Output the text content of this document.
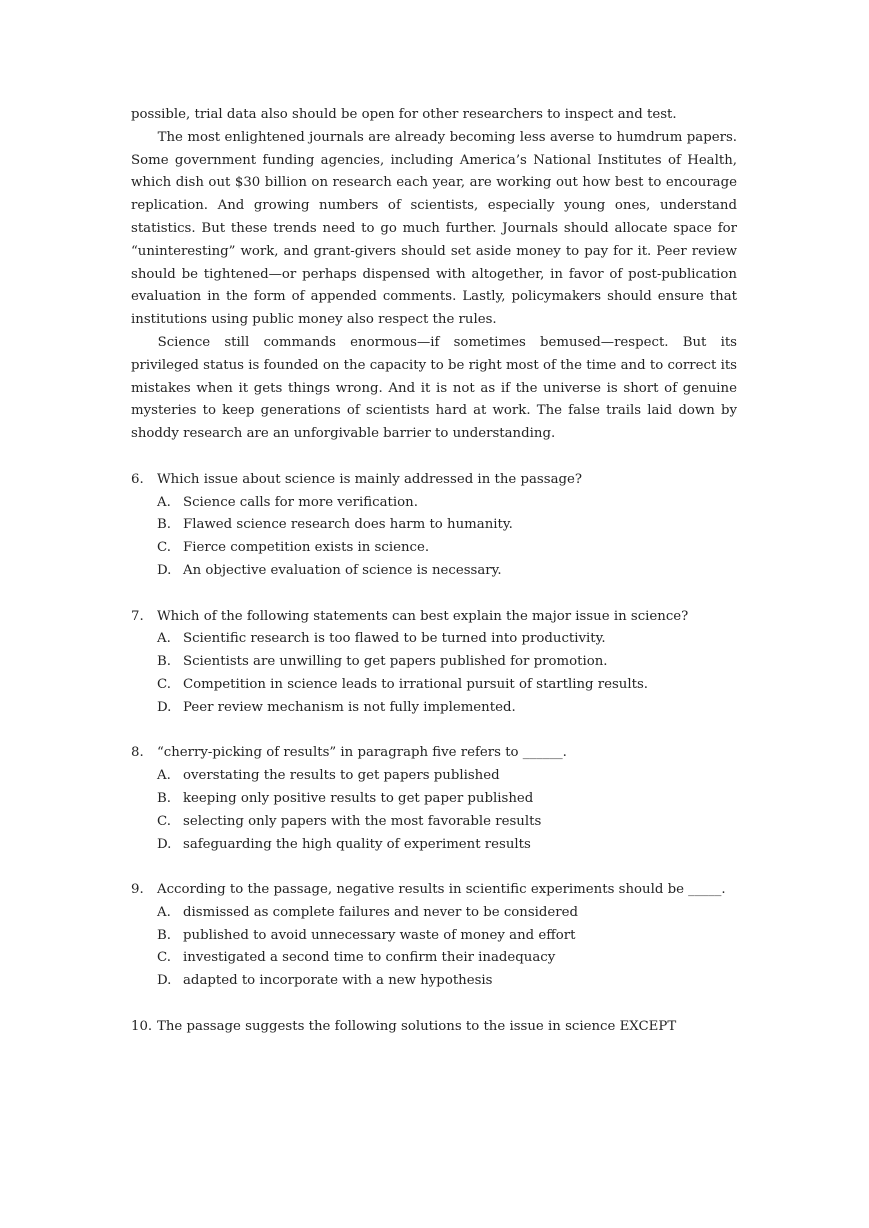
possible, trial data also should be open for other researchers to inspect and test.

The most enlightened journals are already becoming less averse to humdrum papers. Some government funding agencies, including America’s National Institutes of Health, which dish out $30 billion on research each year, are working out how best to encourage replication. And growing numbers of scientists, especially young ones, understand statistics. But these trends need to go much further. Journals should allocate space for “uninteresting” work, and grant-givers should set aside money to pay for it. Peer review should be tightened—or perhaps dispensed with altogether, in favor of post-publication evaluation in the form of appended comments. Lastly, policymakers should ensure that institutions using public money also respect the rules.

Science still commands enormous—if sometimes bemused—respect. But its privileged status is founded on the capacity to be right most of the time and to correct its mistakes when it gets things wrong. And it is not as if the universe is short of genuine mysteries to keep generations of scientists hard at work. The false trails laid down by shoddy research are an unforgivable barrier to understanding.

6.	Which issue about science is mainly addressed in the passage?
A. Science calls for more verification.
B. Flawed science research does harm to humanity.
C. Fierce competition exists in science.
D. An objective evaluation of science is necessary.
7.	Which of the following statements can best explain the major issue in science?
A. Scientific research is too flawed to be turned into productivity.
B. Scientists are unwilling to get papers published for promotion.
C. Competition in science leads to irrational pursuit of startling results.
D. Peer review mechanism is not fully implemented.
8.	“cherry-picking of results” in paragraph five refers to ______.
A. overstating the results to get papers published
B. keeping only positive results to get paper published
C. selecting only papers with the most favorable results
D. safeguarding the high quality of experiment results
9.	According to the passage, negative results in scientific experiments should be _____.
A. dismissed as complete failures and never to be considered
B. published to avoid unnecessary waste of money and effort
C. investigated a second time to confirm their inadequacy
D. adapted to incorporate with a new hypothesis
10. The passage suggests the following solutions to the issue in science EXCEPT
